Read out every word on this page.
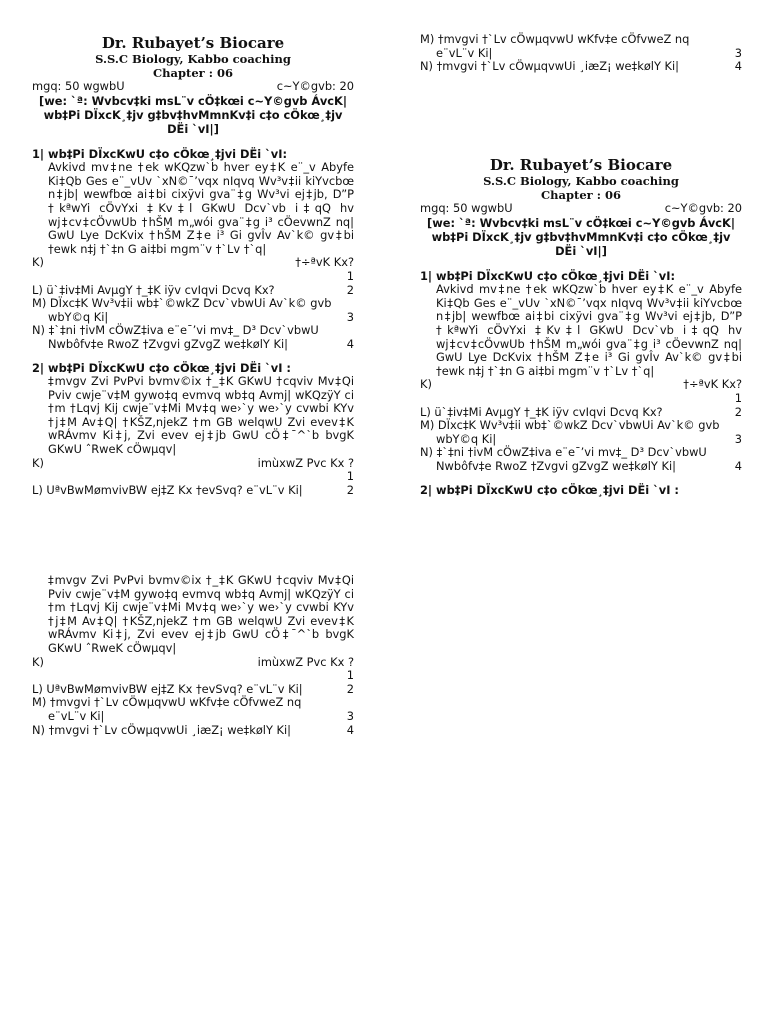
M) †mvgvi †`Lv cÖwµqvwU wKfv‡e cÖfvweZ nq
e¨vL¨v Ki|	3
N) †mvgvi †`Lv cÖwµqvwUi ¸iæZ¡ we‡kølY Ki|	4
Dr. Rubayet’s Biocare
S.S.C Biology, Kabbo coaching
Chapter : 06
mgq: 50 wgwbU	c~Y©gvb: 20
[we: `ª: Wvbcv‡ki msL¨v cÖ‡kœi c~Y©gvb ÁvcK| wb‡Pi DÏxcK¸‡jv g‡bv‡hvMmnKv‡i c‡o cÖkœ¸‡jv DËi `vI|]
1| wb‡Pi DÏxcKwU c‡o cÖkœ¸‡jvi DËi `vI:
Avkivd mv‡ne †ek wKQzw`b hver ey‡K e¨_v Abyfe Ki‡Qb Ges e¨_vUv `xN©¯’vqx nIqvq Wv³v‡ii kiYvcbœ n‡jb| wewfbœ ai‡bi cixÿvi gva¨‡g Wv³vi ej‡jb, D”P †kªwYi cÖvYxi ‡Kv‡l GKwU Dcv`vb i‡qQ hv wj‡cv‡cÖvwUb †hŠM m„wói gva¨‡g i³ cÖevwnZ nq| GwU Lye DcKvix †hŠM Z‡e i³ Gi gvÎv Av`k© gv‡bi †ewk n‡j †`‡n G ai‡bi mgm¨v †`Lv †`q|
K)	†÷ªvK Kx?
1
L) ü`‡iv‡Mi AvµgY †_‡K iÿv cvIqvi Dcvq Kx?	2
M) DÏxc‡K Wv³v‡ii wb‡`©wkZ Dcv`vbwUi Av`k© gvb
wbY©q Ki|	3
N) ‡`‡ni †ivM cÖwZ‡iva e¨e¯’vi mv‡_ D³ Dcv`vbwU
Nwbôfv‡e RwoZ †Zvgvi gZvgZ we‡kølY Ki|	4
2| wb‡Pi DÏxcKwU c‡o cÖkœ¸‡jvi DËi `vI :
‡mvgv Zvi PvPvi bvmv©ix †_‡K GKwU †cqviv Mv‡Qi Pviv cwje¨v‡M gywo‡q evmvq wb‡q Avmj| wKQzÿY ci †m †Lqvj Kij cwje¨v‡Mi Mv‡q we›`y we›`y cvwbi KYv †j‡M Av‡Q| †KŠZ‚njekZ †m GB welqwU Zvi evev‡K wRÁvmv Ki‡j, Zvi evev ej‡jb GwU cÖ‡¯^`b bvgK GKwU ˆRweK cÖwµqv|
K)	imùxwZ Pvc Kx ?
1
L) UªvBwMømvivBW ej‡Z Kx †evSvq? e¨vL¨v Ki|	2
‡mvgv Zvi PvPvi bvmv©ix †_‡K GKwU †cqviv Mv‡Qi Pviv cwje¨v‡M gywo‡q evmvq wb‡q Avmj| wKQzÿY ci †m †Lqvj Kij cwje¨v‡Mi Mv‡q we›`y we›`y cvwbi KYv †j‡M Av‡Q| †KŠZ‚njekZ †m GB welqwU Zvi evev‡K wRÁvmv Ki‡j, Zvi evev ej‡jb GwU cÖ‡¯^`b bvgK GKwU ˆRweK cÖwµqv|
K)	imùxwZ Pvc Kx ?
1
L) UªvBwMømvivBW ej‡Z Kx †evSvq? e¨vL¨v Ki|	2
M) †mvgvi †`Lv cÖwµqvwU wKfv‡e cÖfvweZ nq
e¨vL¨v Ki|	3
N) †mvgvi †`Lv cÖwµqvwUi ¸iæZ¡ we‡kølY Ki|	4
Dr. Rubayet’s Biocare
S.S.C Biology, Kabbo coaching
Chapter : 06
mgq: 50 wgwbU	c~Y©gvb: 20
[we: `ª: Wvbcv‡ki msL¨v cÖ‡kœi c~Y©gvb ÁvcK| wb‡Pi DÏxcK¸‡jv g‡bv‡hvMmnKv‡i c‡o cÖkœ¸‡jv DËi `vI|]
1| wb‡Pi DÏxcKwU c‡o cÖkœ¸‡jvi DËi `vI:
Avkivd mv‡ne †ek wKQzw`b hver ey‡K e¨_v Abyfe Ki‡Qb Ges e¨_vUv `xN©¯’vqx nIqvq Wv³v‡ii kiYvcbœ n‡jb| wewfbœ ai‡bi cixÿvi gva¨‡g Wv³vi ej‡jb, D”P †kªwYi cÖvYxi ‡Kv‡l GKwU Dcv`vb i‡qQ hv wj‡cv‡cÖvwUb †hŠM m„wói gva¨‡g i³ cÖevwnZ nq| GwU Lye DcKvix †hŠM Z‡e i³ Gi gvÎv Av`k© gv‡bi †ewk n‡j †`‡n G ai‡bi mgm¨v †`Lv †`q|
K)	†÷ªvK Kx?
1
L) ü`‡iv‡Mi AvµgY †_‡K iÿv cvIqvi Dcvq Kx?	2
M) DÏxc‡K Wv³v‡ii wb‡`©wkZ Dcv`vbwUi Av`k© gvb
wbY©q Ki|	3
N) ‡`‡ni †ivM cÖwZ‡iva e¨e¯’vi mv‡_ D³ Dcv`vbwU
Nwbôfv‡e RwoZ †Zvgvi gZvgZ we‡kølY Ki|	4
2| wb‡Pi DÏxcKwU c‡o cÖkœ¸‡jvi DËi `vI :
